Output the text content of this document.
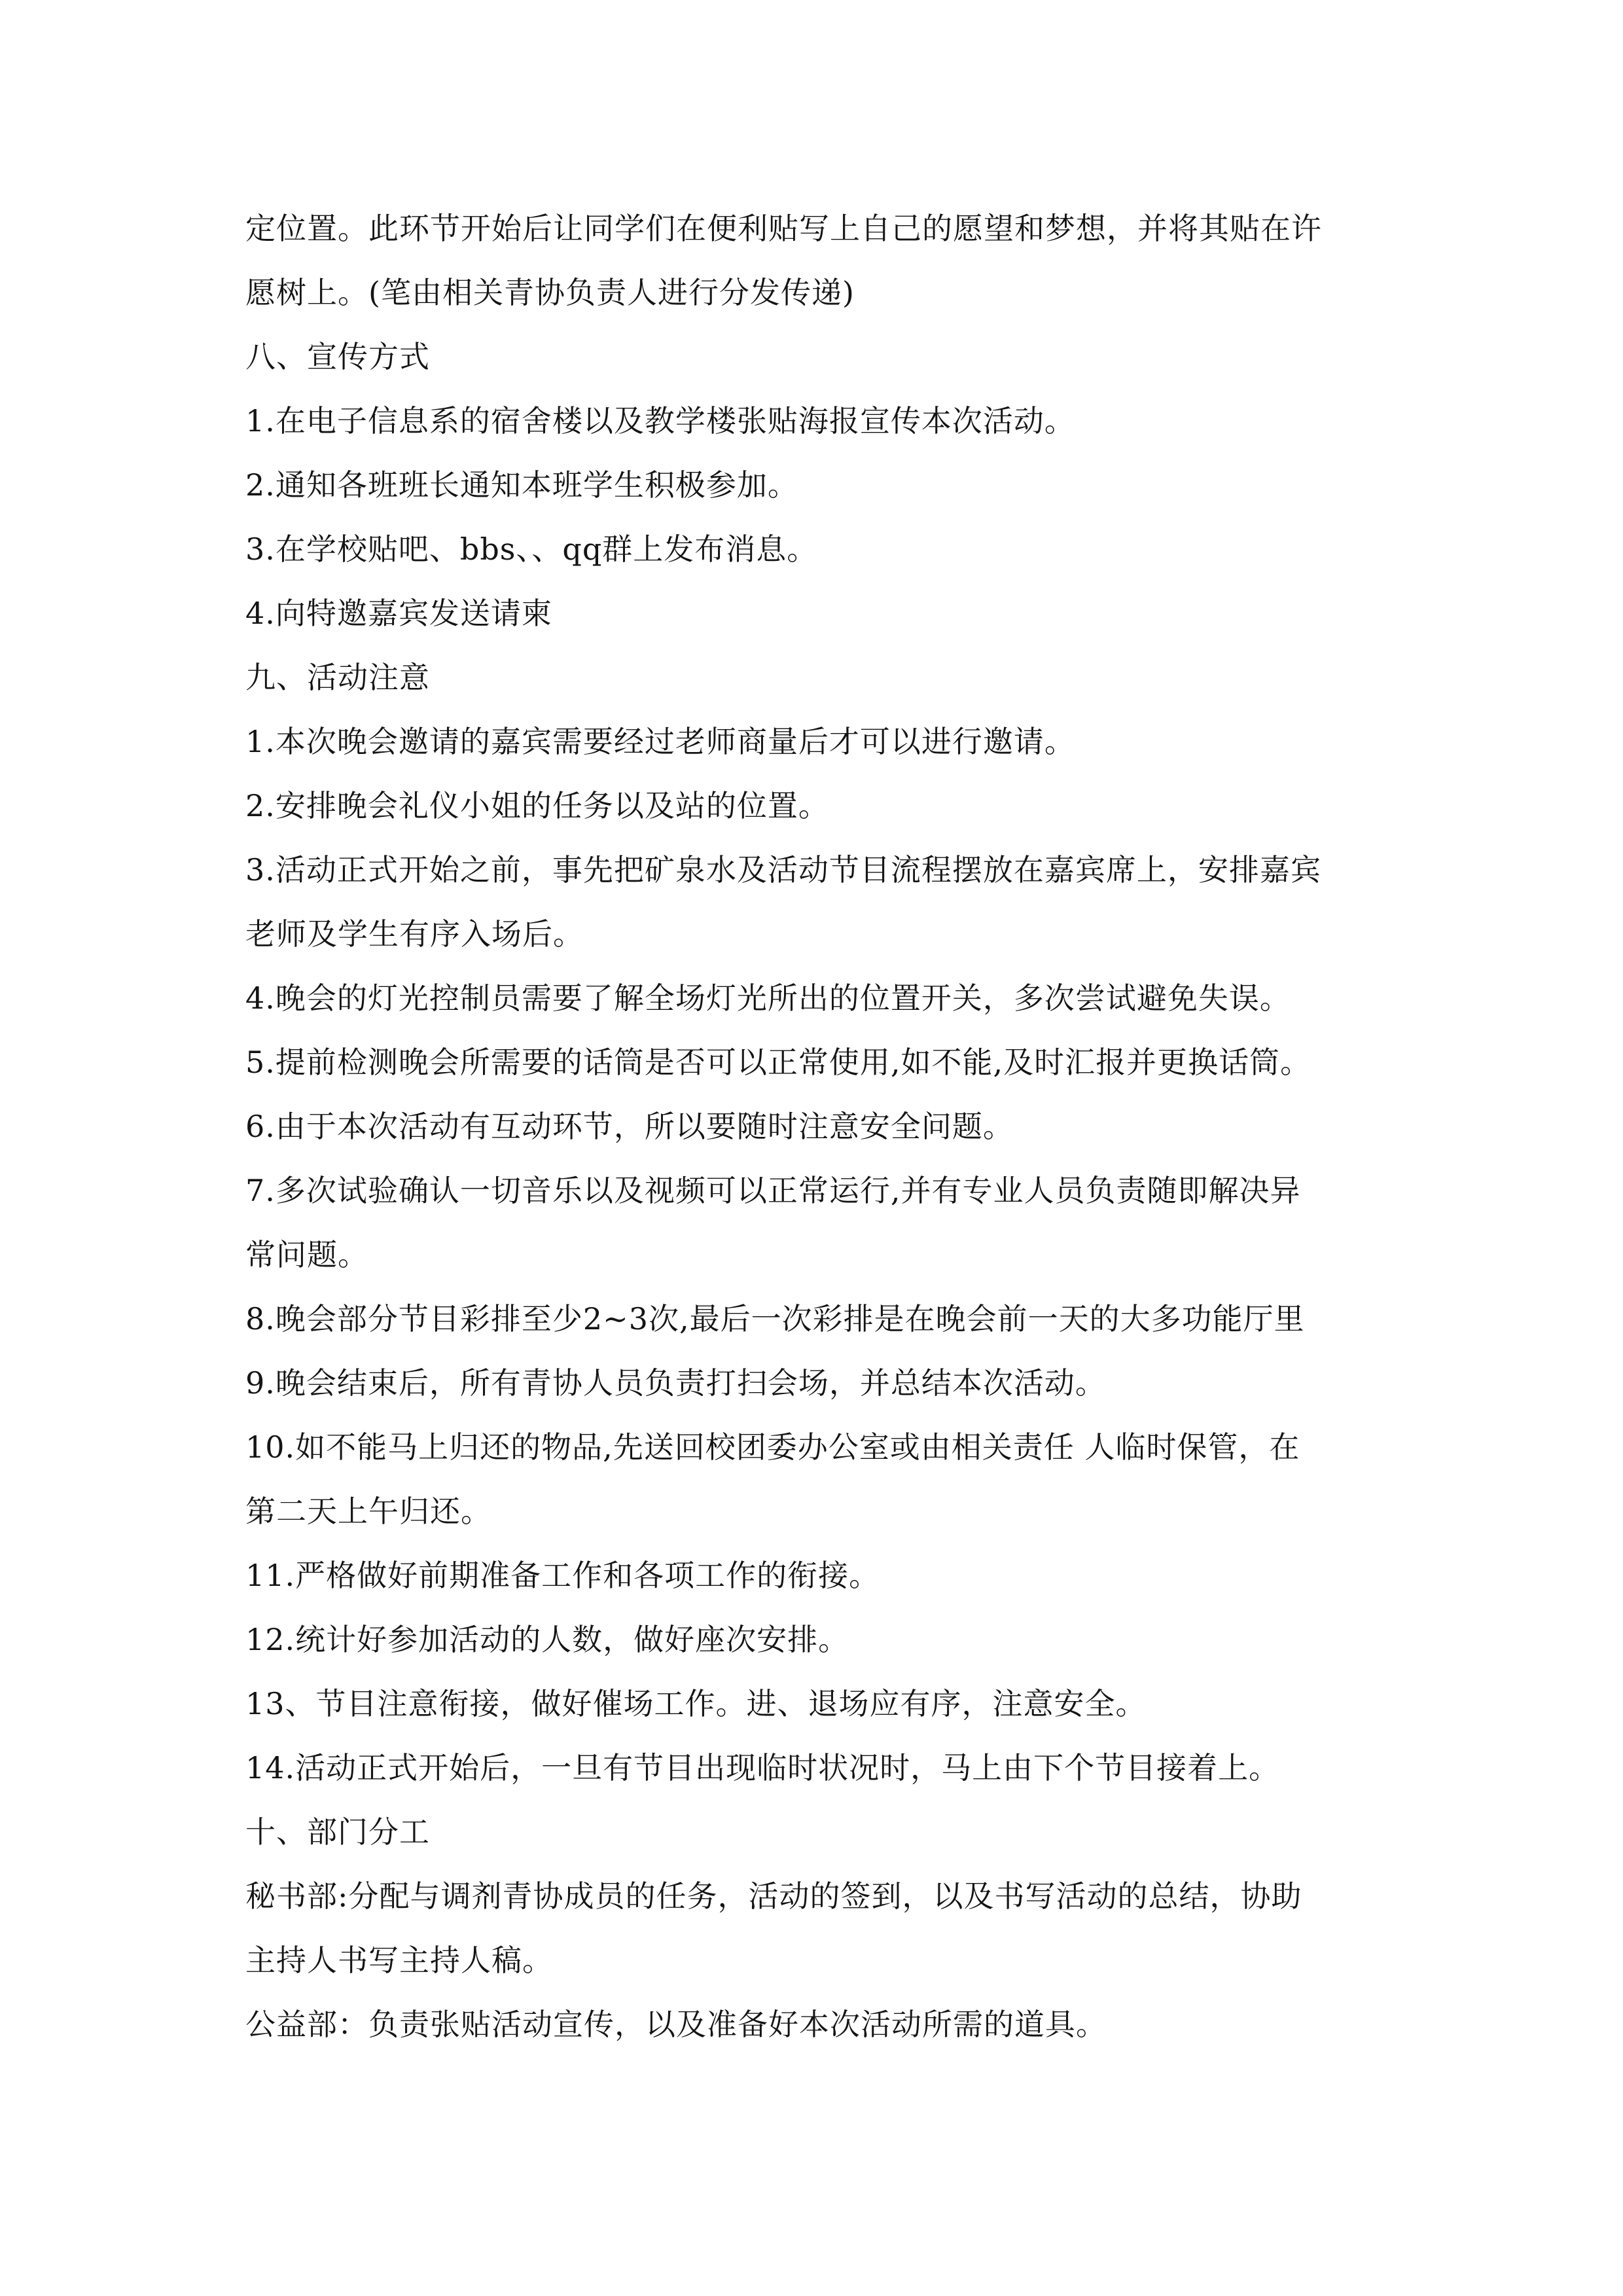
定位置。此环节开始后让同学们在便利贴写上自己的愿望和梦想，并将其贴在许
愿树上。(笔由相关青协负责人进行分发传递)
八、宣传方式
1.在电子信息系的宿舍楼以及教学楼张贴海报宣传本次活动。
2.通知各班班长通知本班学生积极参加。
3.在学校贴吧、bbs、、qq群上发布消息。
4.向特邀嘉宾发送请柬
九、活动注意
1.本次晚会邀请的嘉宾需要经过老师商量后才可以进行邀请。
2.安排晚会礼仪小姐的任务以及站的位置。
3.活动正式开始之前，事先把矿泉水及活动节目流程摆放在嘉宾席上，安排嘉宾
老师及学生有序入场后。
4.晚会的灯光控制员需要了解全场灯光所出的位置开关，多次尝试避免失误。
5.提前检测晚会所需要的话筒是否可以正常使用,如不能,及时汇报并更换话筒。
6.由于本次活动有互动环节，所以要随时注意安全问题。
7.多次试验确认一切音乐以及视频可以正常运行,并有专业人员负责随即解决异
常问题。
8.晚会部分节目彩排至少2~3次,最后一次彩排是在晚会前一天的大多功能厅里
9.晚会结束后，所有青协人员负责打扫会场，并总结本次活动。
10.如不能马上归还的物品,先送回校团委办公室或由相关责任 人临时保管，在
第二天上午归还。
11.严格做好前期准备工作和各项工作的衔接。
12.统计好参加活动的人数，做好座次安排。
13、节目注意衔接，做好催场工作。进、退场应有序，注意安全。
14.活动正式开始后，一旦有节目出现临时状况时，马上由下个节目接着上。
十、部门分工
秘书部:分配与调剂青协成员的任务，活动的签到，以及书写活动的总结，协助
主持人书写主持人稿。
公益部：负责张贴活动宣传，以及准备好本次活动所需的道具。
